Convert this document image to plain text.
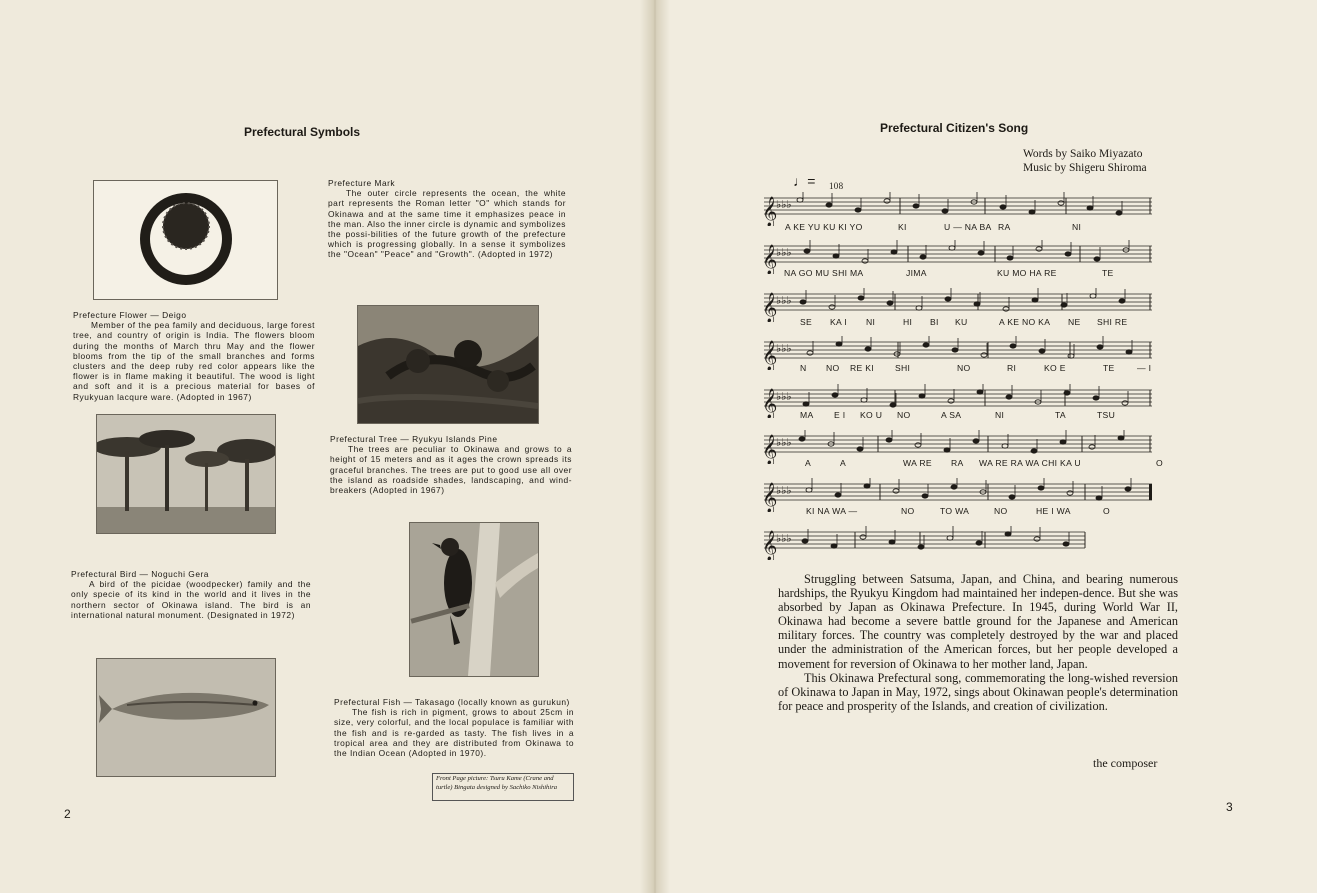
Prefectural Symbols
Prefecture Mark
The outer circle represents the ocean, the white part represents the Roman letter "O" which stands for Okinawa and at the same time it emphasizes peace in the man. Also the inner circle is dynamic and symbolizes the possi-bilities of the future growth of the prefecture which is progressing globally. In a sense it symbolizes the "Ocean" "Peace" and "Growth". (Adopted in 1972)
Prefecture Flower — Deigo
Member of the pea family and deciduous, large forest tree, and country of origin is India. The flowers bloom during the months of March thru May and the flower blooms from the tip of the small branches and forms clusters and the deep ruby red color appears like the flower is in flame making it beautiful. The wood is light and soft and it is a precious material for bases of Ryukyuan lacqure ware. (Adopted in 1967)
Prefectural Tree — Ryukyu Islands Pine
The trees are peculiar to Okinawa and grows to a height of 15 meters and as it ages the crown spreads its graceful branches. The trees are put to good use all over the island as roadside shades, landscaping, and wind-breakers (Adopted in 1967)
Prefectural Bird — Noguchi Gera
A bird of the picidae (woodpecker) family and the only specie of its kind in the world and it lives in the northern sector of Okinawa island. The bird is an international natural monument. (Designated in 1972)
Prefectural Fish — Takasago (locally known as gurukun)
The fish is rich in pigment, grows to about 25cm in size, very colorful, and the local populace is familiar with the fish and is re-garded as tasty. The fish lives in a tropical area and they are distributed from Okinawa to the Indian Ocean (Adopted in 1970).
Front Page picture: Tsuru Kame (Crane and turtle) Bingata designed by Sachiko Nishihira
2
Prefectural Citizen's Song
Words by Saiko Miyazato
Music by Shigeru Shiroma
♩= 108
𝄞
♭♭♭
𝄞
♭♭♭
𝄞
♭♭♭
𝄞
♭♭♭
𝄞
♭♭♭
𝄞
♭♭♭
𝄞
♭♭♭
𝄞
♭♭♭
A KE YU KU KI YO	KI	U — NA BA RA	NI
NA GO MU SHI MA	JIMA	KU MO HA RE	TE
SE KA I NI	HI BI KU	A KE NO KA NE SHI RE
N NO RE KI SHI	NO	RI	KO E	TE	— I
MA E I KO U NO	A SA	NI	TA	TSU
A	A	WA RE RA WA RE RA WA CHI KA U	O
KI NA WA —	NO	TO WA	NO	HE I WA	O

Struggling between Satsuma, Japan, and China, and bearing numerous hardships, the Ryukyu Kingdom had maintained her indepen-dence. But she was absorbed by Japan as Okinawa Prefecture. In 1945, during World War II, Okinawa had become a severe battle ground for the Japanese and American military forces. The country was completely destroyed by the war and placed under the administration of the American forces, but her people developed a movement for reversion of Okinawa to her mother land, Japan.

This Okinawa Prefectural song, commemorating the long-wished reversion of Okinawa to Japan in May, 1972, sings about Okinawan people's determination for peace and prosperity of the Islands, and creation of civilization.

the composer
3
